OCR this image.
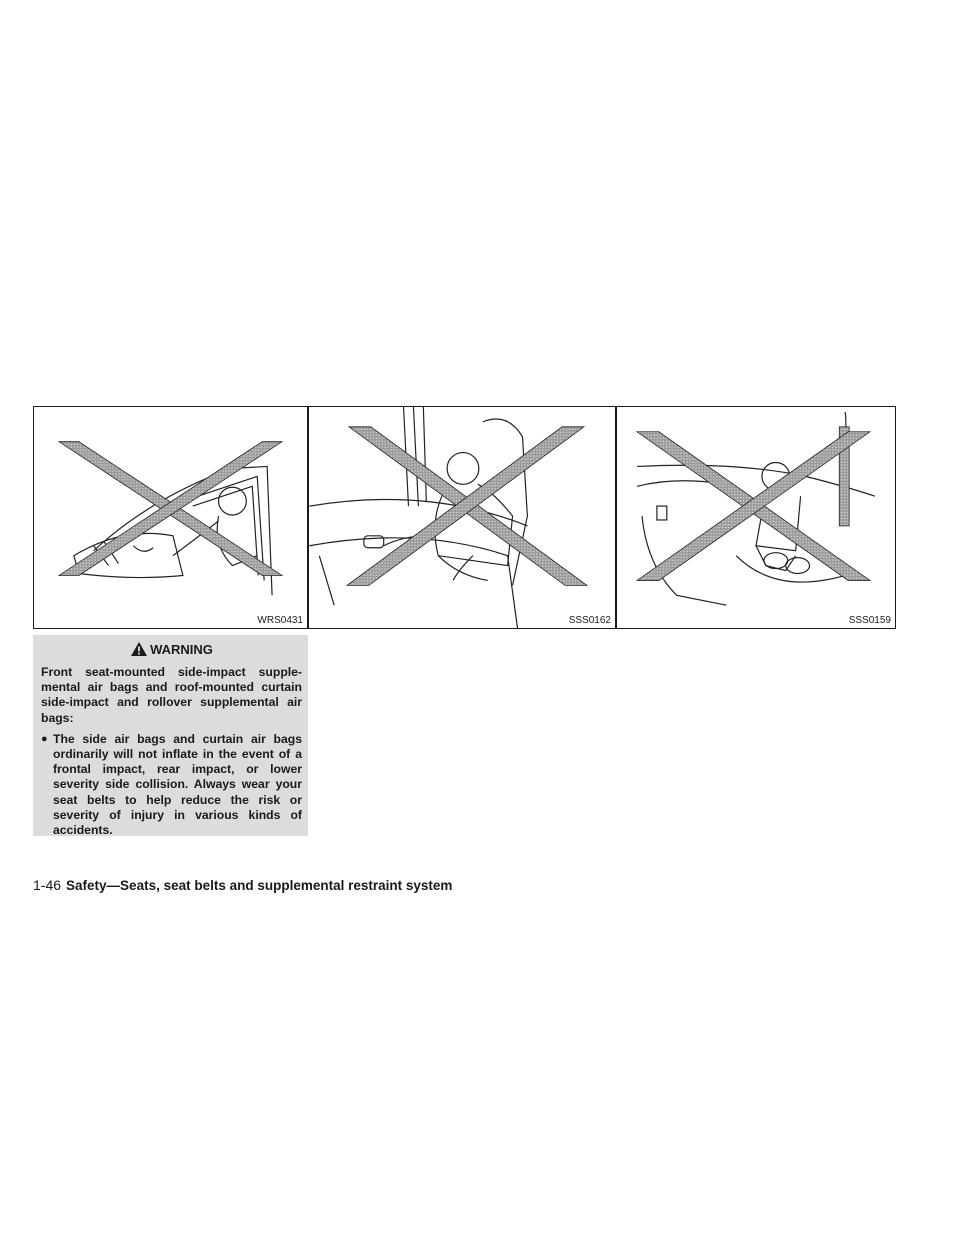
WRS0431	SSS0162	SSS0159
WARNING

Front seat-mounted side-impact supple-mental air bags and roof-mounted curtain side-impact and rollover supplemental air bags:

● The side air bags and curtain air bags ordinarily will not inflate in the event of a frontal impact, rear impact, or lower severity side collision. Always wear your seat belts to help reduce the risk or severity of injury in various kinds of accidents.
1-46 Safety—Seats, seat belts and supplemental restraint system
